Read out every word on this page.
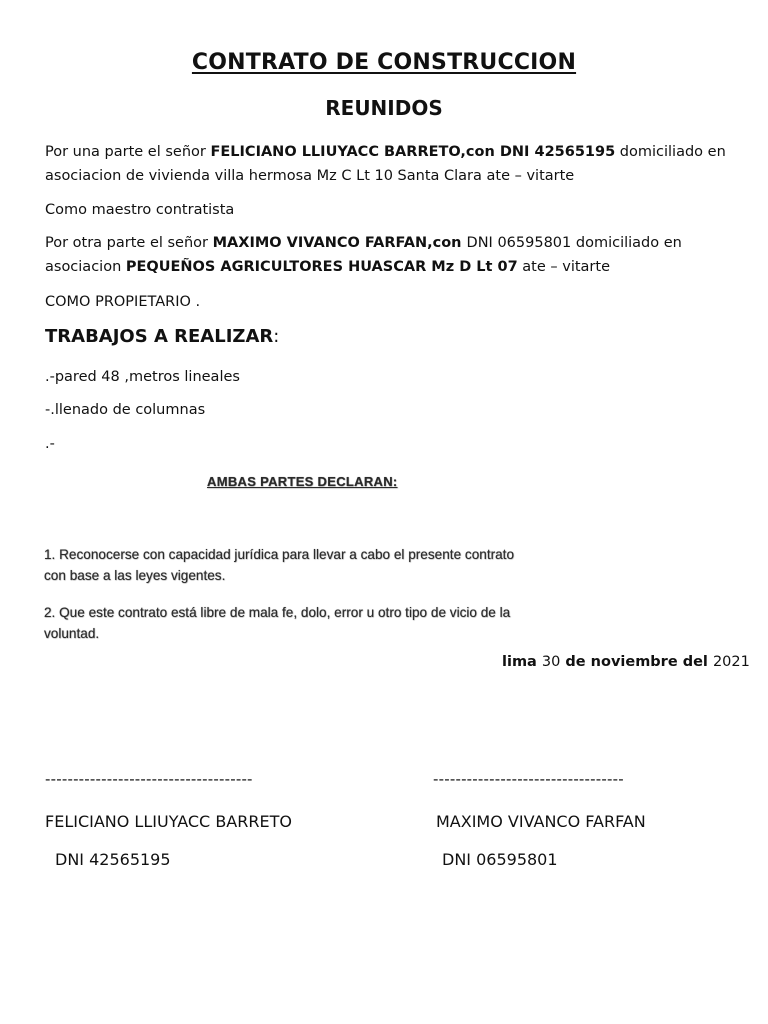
CONTRATO DE CONSTRUCCION
REUNIDOS
Por una parte el señor FELICIANO LLIUYACC BARRETO,con DNI 42565195 domiciliado en
asociacion de vivienda villa hermosa Mz C Lt 10 Santa Clara ate – vitarte
Como maestro contratista
Por otra parte el señor MAXIMO VIVANCO FARFAN,con DNI 06595801 domiciliado en
asociacion PEQUEÑOS AGRICULTORES HUASCAR Mz D Lt 07 ate – vitarte
COMO PROPIETARIO .
TRABAJOS A REALIZAR:
.-pared 48 ,metros lineales
-.llenado de columnas
.-
AMBAS PARTES DECLARAN:
1. Reconocerse con capacidad jurídica para llevar a cabo el presente contrato
con base a las leyes vigentes.
2. Que este contrato está libre de mala fe, dolo, error u otro tipo de vicio de la
voluntad.
lima 30 de noviembre del 2021
-------------------------------------	----------------------------------
FELICIANO LLIUYACC BARRETO	MAXIMO VIVANCO FARFAN
DNI 42565195	DNI 06595801
